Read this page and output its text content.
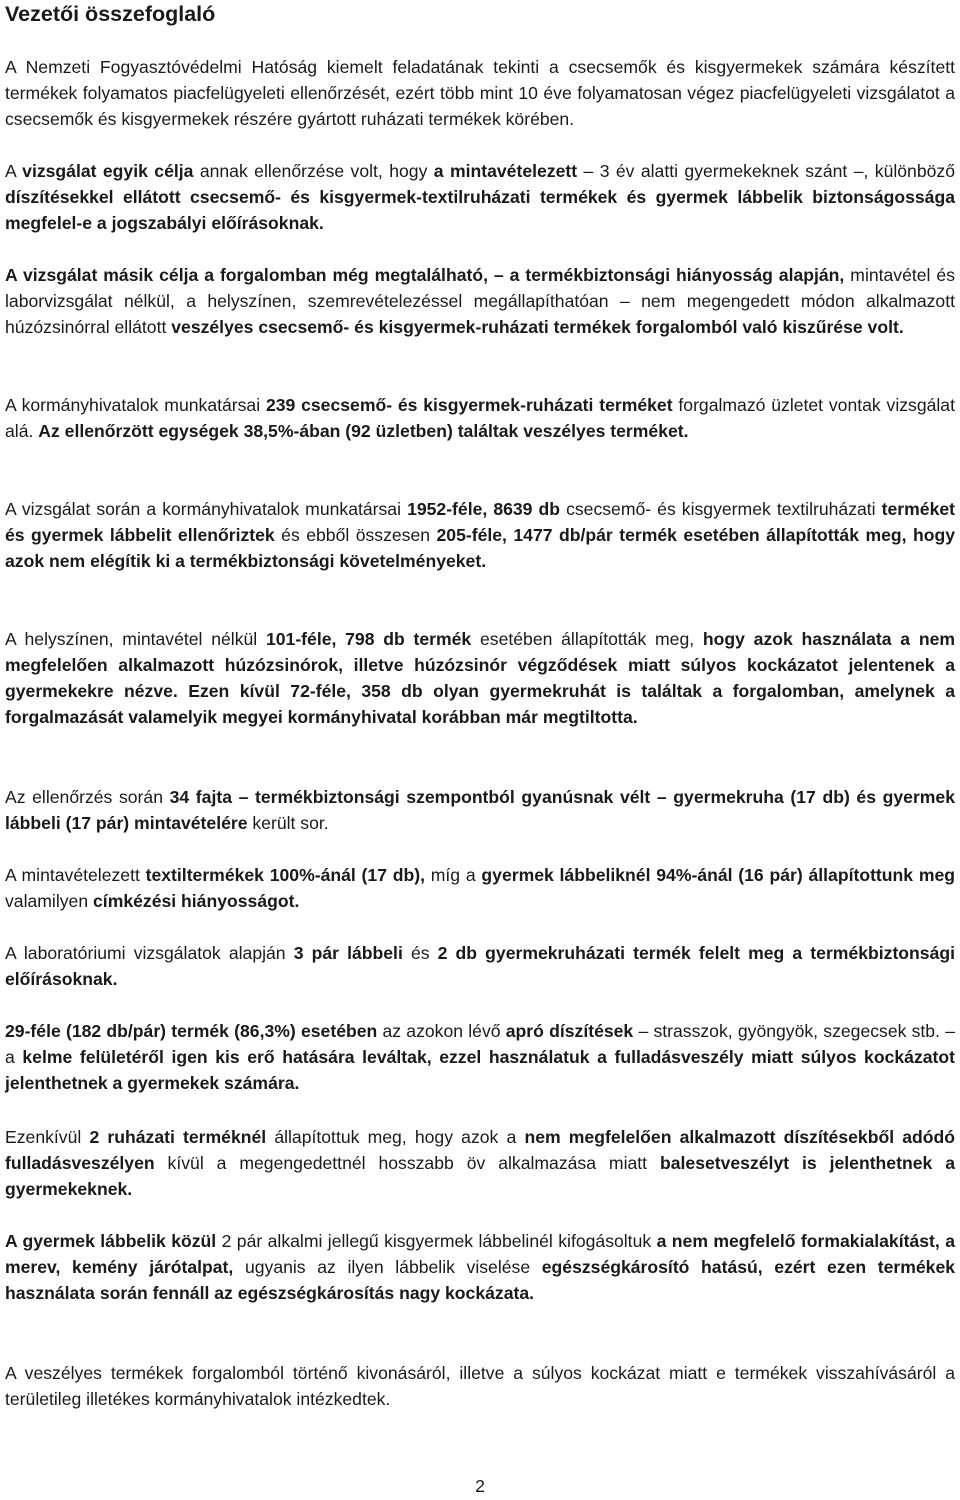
Vezetői összefoglaló

A Nemzeti Fogyasztóvédelmi Hatóság kiemelt feladatának tekinti a csecsemők és kisgyermekek számára készített termékek folyamatos piacfelügyeleti ellenőrzését, ezért több mint 10 éve folyamatosan végez piacfelügyeleti vizsgálatot a csecsemők és kisgyermekek részére gyártott ruházati termékek körében.

A vizsgálat egyik célja annak ellenőrzése volt, hogy a mintavételezett – 3 év alatti gyermekeknek szánt –, különböző díszítésekkel ellátott csecsemő- és kisgyermek-textilruházati termékek és gyermek lábbelik biztonságossága megfelel-e a jogszabályi előírásoknak.

A vizsgálat másik célja a forgalomban még megtalálható, – a termékbiztonsági hiányosság alapján, mintavétel és laborvizsgálat nélkül, a helyszínen, szemrevételezéssel megállapíthatóan – nem megengedett módon alkalmazott húzózsinórral ellátott veszélyes csecsemő- és kisgyermek-ruházati termékek forgalomból való kiszűrése volt.

A kormányhivatalok munkatársai 239 csecsemő- és kisgyermek-ruházati terméket forgalmazó üzletet vontak vizsgálat alá. Az ellenőrzött egységek 38,5%-ában (92 üzletben) találtak veszélyes terméket.

A vizsgálat során a kormányhivatalok munkatársai 1952-féle, 8639 db csecsemő- és kisgyermek textilruházati terméket és gyermek lábbelit ellenőriztek és ebből összesen 205-féle, 1477 db/pár termék esetében állapították meg, hogy azok nem elégítik ki a termékbiztonsági követelményeket.

A helyszínen, mintavétel nélkül 101-féle, 798 db termék esetében állapították meg, hogy azok használata a nem megfelelően alkalmazott húzózsinórok, illetve húzózsinór végződések miatt súlyos kockázatot jelentenek a gyermekekre nézve. Ezen kívül 72-féle, 358 db olyan gyermekruhát is találtak a forgalomban, amelynek a forgalmazását valamelyik megyei kormányhivatal korábban már megtiltotta.

Az ellenőrzés során 34 fajta – termékbiztonsági szempontból gyanúsnak vélt – gyermekruha (17 db) és gyermek lábbeli (17 pár) mintavételére került sor.

A mintavételezett textiltermékek 100%-ánál (17 db), míg a gyermek lábbeliknél 94%-ánál (16 pár) állapítottunk meg valamilyen címkézési hiányosságot.

A laboratóriumi vizsgálatok alapján 3 pár lábbeli és 2 db gyermekruházati termék felelt meg a termékbiztonsági előírásoknak.

29-féle (182 db/pár) termék (86,3%) esetében az azokon lévő apró díszítések – strasszok, gyöngyök, szegecsek stb. – a kelme felületéről igen kis erő hatására leváltak, ezzel használatuk a fulladásveszély miatt súlyos kockázatot jelenthetnek a gyermekek számára.

Ezenkívül 2 ruházati terméknél állapítottuk meg, hogy azok a nem megfelelően alkalmazott díszítésekből adódó fulladásveszélyen kívül a megengedettnél hosszabb öv alkalmazása miatt balesetveszélyt is jelenthetnek a gyermekeknek.

A gyermek lábbelik közül 2 pár alkalmi jellegű kisgyermek lábbelinél kifogásoltuk a nem megfelelő formakialakítást, a merev, kemény járótalpat, ugyanis az ilyen lábbelik viselése egészségkárosító hatású, ezért ezen termékek használata során fennáll az egészségkárosítás nagy kockázata.

A veszélyes termékek forgalomból történő kivonásáról, illetve a súlyos kockázat miatt e termékek visszahívásáról a területileg illetékes kormányhivatalok intézkedtek.

2
